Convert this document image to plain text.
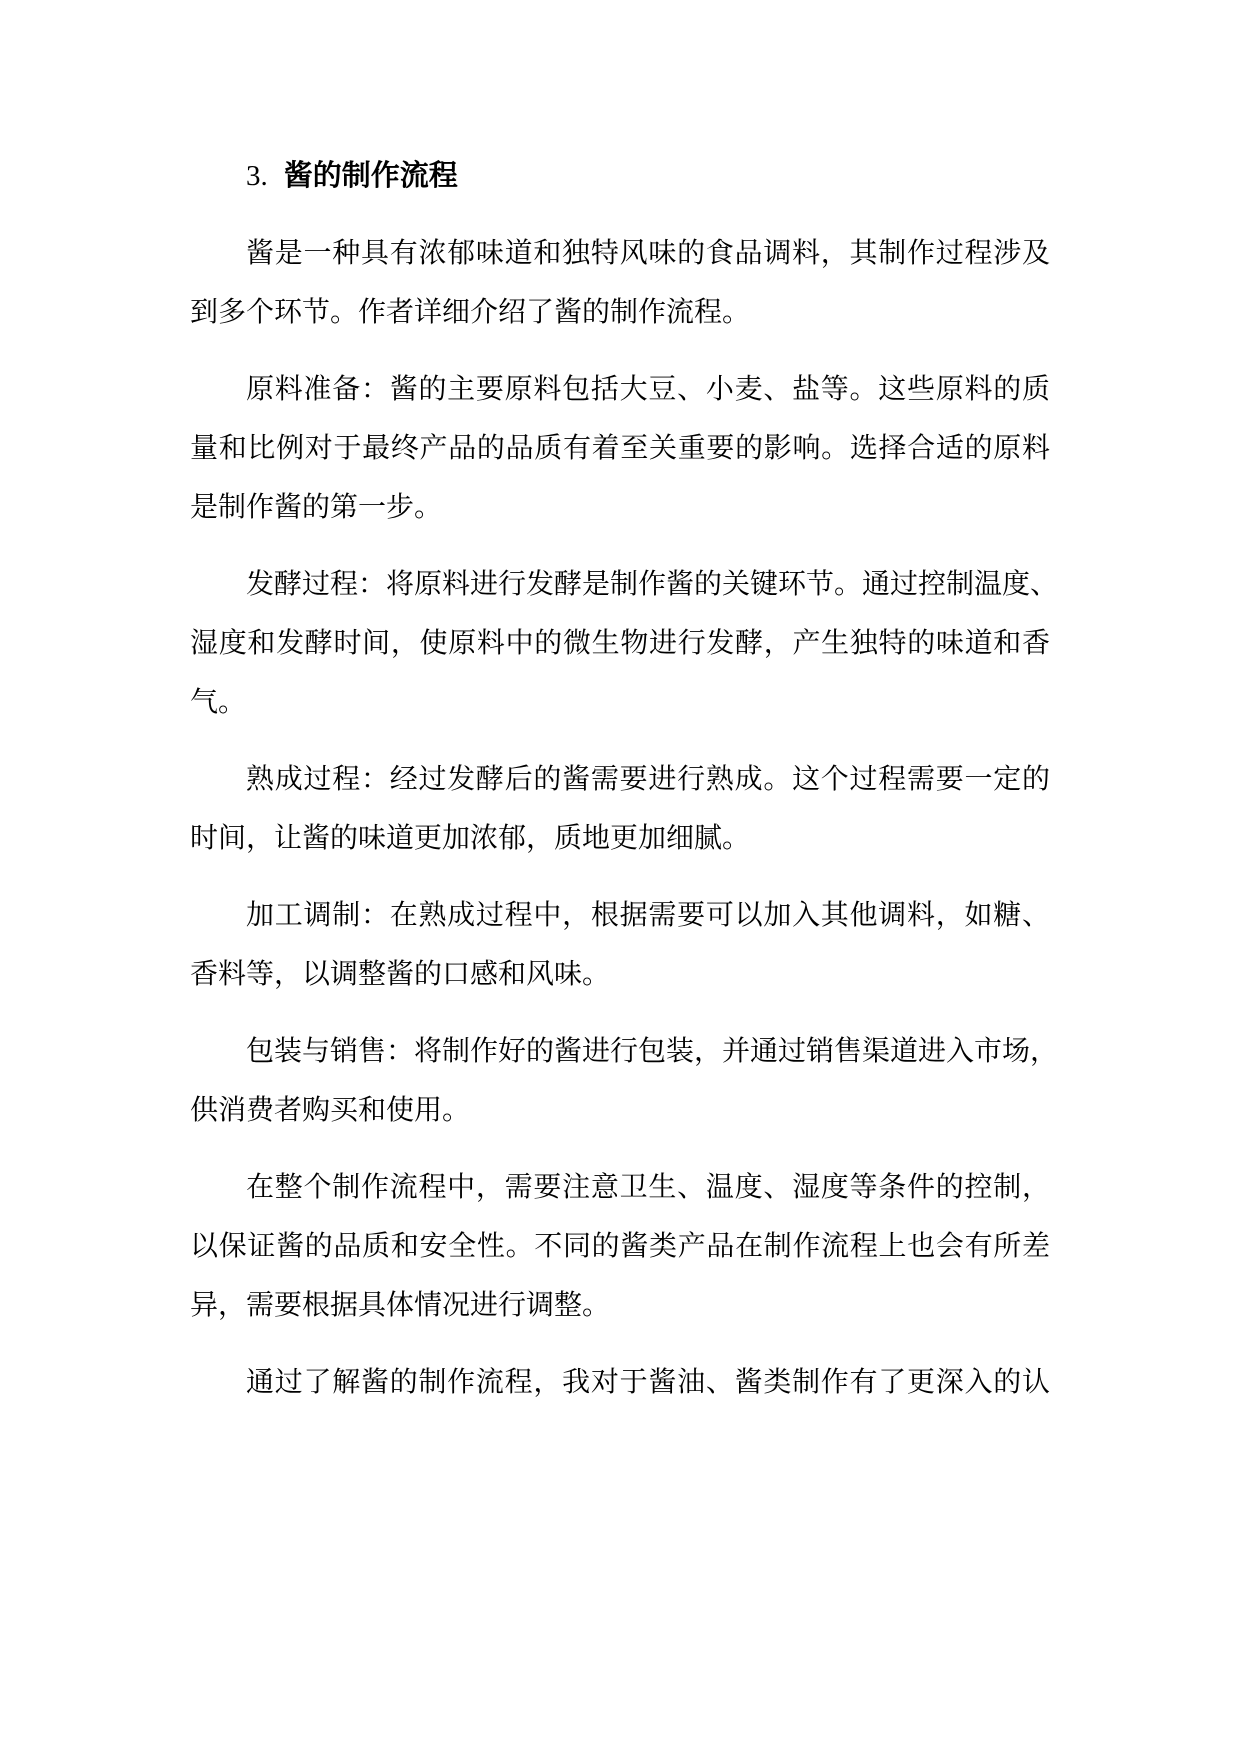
3. 酱的制作流程
酱是一种具有浓郁味道和独特风味的食品调料，其制作过程涉及
到多个环节。作者详细介绍了酱的制作流程。
原料准备：酱的主要原料包括大豆、小麦、盐等。这些原料的质
量和比例对于最终产品的品质有着至关重要的影响。选择合适的原料
是制作酱的第一步。
发酵过程：将原料进行发酵是制作酱的关键环节。通过控制温度、
湿度和发酵时间，使原料中的微生物进行发酵，产生独特的味道和香
气。
熟成过程：经过发酵后的酱需要进行熟成。这个过程需要一定的
时间，让酱的味道更加浓郁，质地更加细腻。
加工调制：在熟成过程中，根据需要可以加入其他调料，如糖、
香料等，以调整酱的口感和风味。
包装与销售：将制作好的酱进行包装，并通过销售渠道进入市场，
供消费者购买和使用。
在整个制作流程中，需要注意卫生、温度、湿度等条件的控制，
以保证酱的品质和安全性。不同的酱类产品在制作流程上也会有所差
异，需要根据具体情况进行调整。
通过了解酱的制作流程，我对于酱油、酱类制作有了更深入的认
